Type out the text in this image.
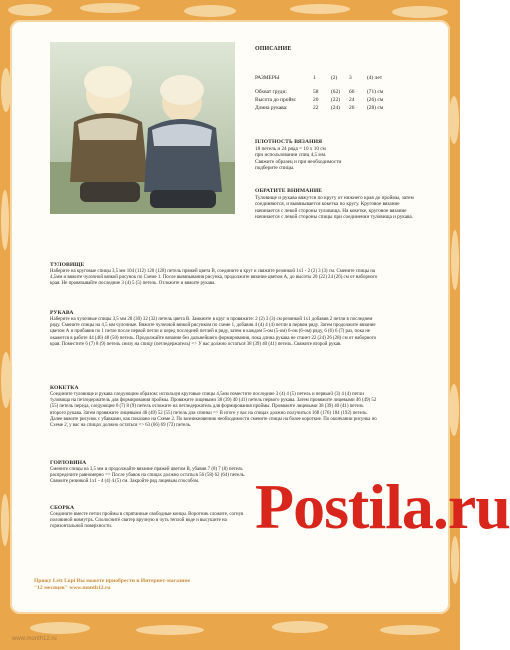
ОПИСАНИЕ
РАЗМЕРЫ	1	(2)	3	(4) лет
Обхват груди:	58	(62)	66	(71) см
Высота до пройм:	20	(22)	24	(26) см
Длина рукава:	22	(24)	26	(28) см
ПЛОТНОСТЬ ВЯЗАНИЯ
18 петель и 24 ряда = 10 х 10 см
при использовании спиц 4,5 мм.
Свяжите образец и при необходимости
подберите спицы.
ОБРАТИТЕ ВНИМАНИЕ
Туловище и рукава вяжутся по кругу от нижнего края до проймы, затем соединяются, и вывязывается кокетка по кругу. Круговое вязание начинается с левой стороны туловища. На кокетке, круговое вязание начинается с левой стороны спицы при соединении туловища и рукава.
ТУЛОВИЩЕ
Наберите на круговые спицы 3,5 мм 104 (112) 120 (128) петель пряжей цвета В, соедините в круг и свяжите резинкой 1х1 - 2 (2) 3 (3) см. Смените спицы на 4,5мм и вяжите чулочной вязкой рисунок по Схеме 1. После вывязывания рисунка, продолжите вязание цветом А, до высоты 20 (22) 24 (26) см от наборного края. Не провязывайте последние 3 (4) 5 (5) петель. Отложите и вяжите рукава.
РУКАВА
Наберите на чулочные спицы 3,5 мм 28 (30) 32 (32) петель цвета В. Замкните в круг и провяжите: 2 (2) 3 (3) см резинкой 1х1 добавив 2 петли в последнем ряду. Смените спицы на 4,5 мм чулочные. Вяжите чулочной вязкой рисунком по схеме 1, добавив 4 (4) 4 (4) петли в первом ряду. Затем продолжите вязание цветом А и прибавив по 1 петле после первой петли и перед последней петлей в ряду, затем в каждом 5-ом (5-ом) 6-ом (6-ом) ряду, 6 (6) 6 (7) раз, пока не окажется в работе 44 (46) 48 (50) петель. Продолжайте вязание без дальнейшего формирования, пока длина рукава не станет 22 (24) 26 (28) см от наборного края. Поместите 6 (7) 8 (9) петель снизу на спицу (петледержатель) => У вас должно остаться 38 (39) 40 (41) петель. Свяжите второй рукав.
КОКЕТКА
Соедините туловище и рукава следующим образом: используя круговые спицы 4,5мм поместите последние 3 (4) 4 (5) петель и первые3 (3) 4 (4) петли туловища на петледержатель для формирования проймы. Провяжите лицевыми 38 (39) 40 (41) петель первого рукава. Затем провяжите лицевыми 46 (49) 52 (55) петель переда, следующие 6 (7) 8 (9) петель отложите на петледержатель для формирования проймы. Провяжите лицевыми 38 (39) 40 (41) петель второго рукава. Затем провяжите лицевыми 46 (49) 52 (55) петель для спинки => В итоге у вас на спицах должно получиться 168 (176) 184 (192) петель. Далее вяжите рисунок с убавками, как показано на Схеме 2. По возникновению необходимости смените спицы на более короткие. По окончании рисунка по Схеме 2, у вас на спицах должно остаться => 63 (66) 69 (72) петель.
ГОРЛОВИНА
Смените спицы на 3,5 мм и продолжайте вязание пряжей цветом В, убавив 7 (8) 7 (8) петель распределите равномерно => После убавок на спицах должно остаться 56 (58) 62 (64) петель. Свяжите резинкой 1х1 - 4 (4) 4 (5) см. Закройте ряд лицевым способом.
СБОРКА
Соедините вместе петли проймы в спрятанные свободные концы. Воротник сложите, согнув половиной вовнутрь. Сполоснитё свитер вручную в чуть теплой воде и высушите на горизонтальной поверхности.	Postila.ru
Пряжу Lett Lopi Вы можете приобрести в Интернет-магазине
"12 месяцев" www.month12.ru
www.month12.ru
